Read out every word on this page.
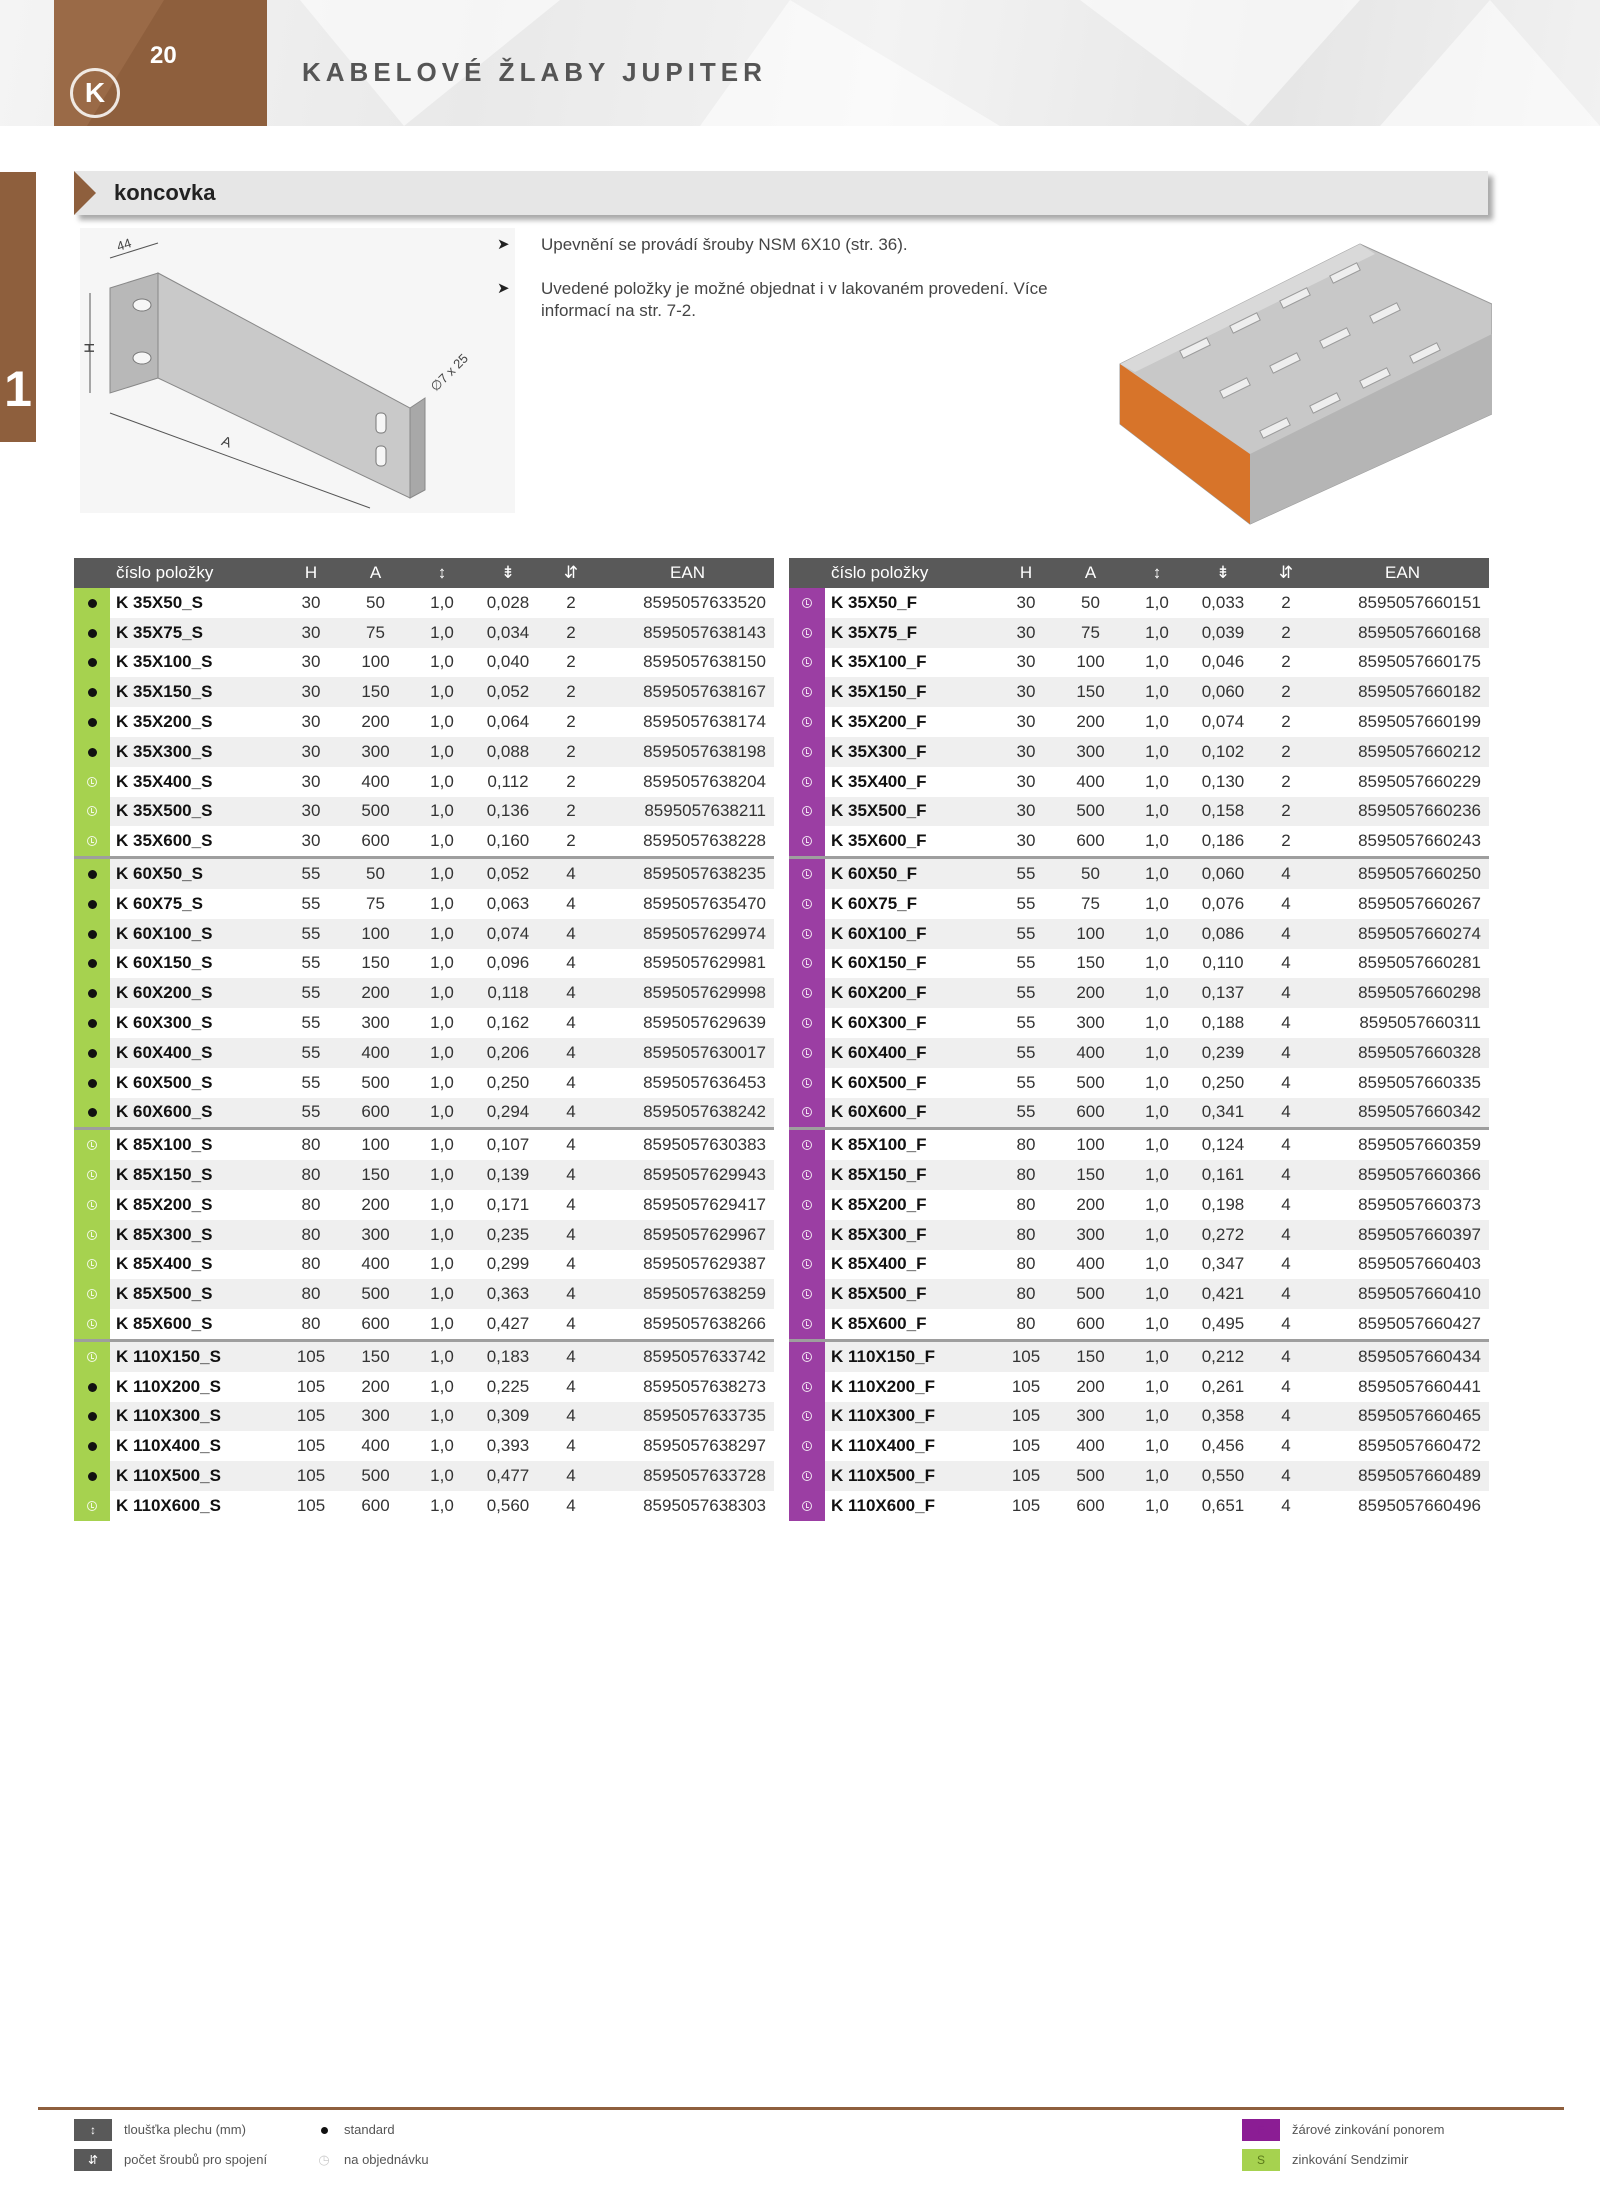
20
K
KABELOVÉ ŽLABY JUPITER
1
koncovka
44
H
A
∅7 x 25
➤ Upevnění se provádí šrouby NSM 6X10 (str. 36).
➤ Uvedené položky je možné objednat i v lakovaném provedení. Více informací na str. 7-2.
	číslo položky	H	A	↕	⇟	⇵	EAN
	K 35X50_S	30	50	1,0	0,028	2	8595057633520
	K 35X75_S	30	75	1,0	0,034	2	8595057638143
	K 35X100_S	30	100	1,0	0,040	2	8595057638150
	K 35X150_S	30	150	1,0	0,052	2	8595057638167
	K 35X200_S	30	200	1,0	0,064	2	8595057638174
	K 35X300_S	30	300	1,0	0,088	2	8595057638198
	K 35X400_S	30	400	1,0	0,112	2	8595057638204
	K 35X500_S	30	500	1,0	0,136	2	8595057638211
	K 35X600_S	30	600	1,0	0,160	2	8595057638228
	K 60X50_S	55	50	1,0	0,052	4	8595057638235
	K 60X75_S	55	75	1,0	0,063	4	8595057635470
	K 60X100_S	55	100	1,0	0,074	4	8595057629974
	K 60X150_S	55	150	1,0	0,096	4	8595057629981
	K 60X200_S	55	200	1,0	0,118	4	8595057629998
	K 60X300_S	55	300	1,0	0,162	4	8595057629639
	K 60X400_S	55	400	1,0	0,206	4	8595057630017
	K 60X500_S	55	500	1,0	0,250	4	8595057636453
	K 60X600_S	55	600	1,0	0,294	4	8595057638242
	K 85X100_S	80	100	1,0	0,107	4	8595057630383
	K 85X150_S	80	150	1,0	0,139	4	8595057629943
	K 85X200_S	80	200	1,0	0,171	4	8595057629417
	K 85X300_S	80	300	1,0	0,235	4	8595057629967
	K 85X400_S	80	400	1,0	0,299	4	8595057629387
	K 85X500_S	80	500	1,0	0,363	4	8595057638259
	K 85X600_S	80	600	1,0	0,427	4	8595057638266
	K 110X150_S	105	150	1,0	0,183	4	8595057633742
	K 110X200_S	105	200	1,0	0,225	4	8595057638273
	K 110X300_S	105	300	1,0	0,309	4	8595057633735
	K 110X400_S	105	400	1,0	0,393	4	8595057638297
	K 110X500_S	105	500	1,0	0,477	4	8595057633728
	K 110X600_S	105	600	1,0	0,560	4	8595057638303
	číslo položky	H	A	↕	⇟	⇵	EAN
	K 35X50_F	30	50	1,0	0,033	2	8595057660151
	K 35X75_F	30	75	1,0	0,039	2	8595057660168
	K 35X100_F	30	100	1,0	0,046	2	8595057660175
	K 35X150_F	30	150	1,0	0,060	2	8595057660182
	K 35X200_F	30	200	1,0	0,074	2	8595057660199
	K 35X300_F	30	300	1,0	0,102	2	8595057660212
	K 35X400_F	30	400	1,0	0,130	2	8595057660229
	K 35X500_F	30	500	1,0	0,158	2	8595057660236
	K 35X600_F	30	600	1,0	0,186	2	8595057660243
	K 60X50_F	55	50	1,0	0,060	4	8595057660250
	K 60X75_F	55	75	1,0	0,076	4	8595057660267
	K 60X100_F	55	100	1,0	0,086	4	8595057660274
	K 60X150_F	55	150	1,0	0,110	4	8595057660281
	K 60X200_F	55	200	1,0	0,137	4	8595057660298
	K 60X300_F	55	300	1,0	0,188	4	8595057660311
	K 60X400_F	55	400	1,0	0,239	4	8595057660328
	K 60X500_F	55	500	1,0	0,250	4	8595057660335
	K 60X600_F	55	600	1,0	0,341	4	8595057660342
	K 85X100_F	80	100	1,0	0,124	4	8595057660359
	K 85X150_F	80	150	1,0	0,161	4	8595057660366
	K 85X200_F	80	200	1,0	0,198	4	8595057660373
	K 85X300_F	80	300	1,0	0,272	4	8595057660397
	K 85X400_F	80	400	1,0	0,347	4	8595057660403
	K 85X500_F	80	500	1,0	0,421	4	8595057660410
	K 85X600_F	80	600	1,0	0,495	4	8595057660427
	K 110X150_F	105	150	1,0	0,212	4	8595057660434
	K 110X200_F	105	200	1,0	0,261	4	8595057660441
	K 110X300_F	105	300	1,0	0,358	4	8595057660465
	K 110X400_F	105	400	1,0	0,456	4	8595057660472
	K 110X500_F	105	500	1,0	0,550	4	8595057660489
	K 110X600_F	105	600	1,0	0,651	4	8595057660496
↕ tloušťka plechu (mm)
⇵ počet šroubů pro spojení
standard
◷ na objednávku
F žárové zinkování ponorem
S zinkování Sendzimir
